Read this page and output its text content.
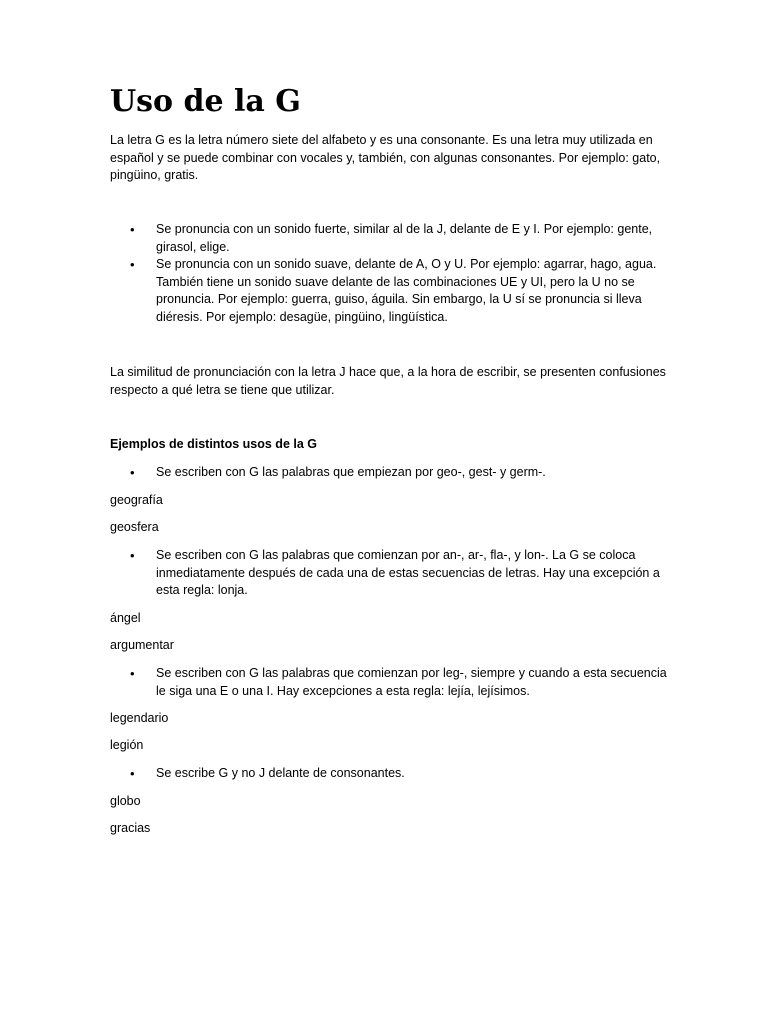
Uso de la G

La letra G es la letra número siete del alfabeto y es una consonante. Es una letra muy utilizada en español y se puede combinar con vocales y, también, con algunas consonantes. Por ejemplo: gato, pingüino, gratis.

• Se pronuncia con un sonido fuerte, similar al de la J, delante de E y I. Por ejemplo: gente, girasol, elige.
• Se pronuncia con un sonido suave, delante de A, O y U. Por ejemplo: agarrar, hago, agua. También tiene un sonido suave delante de las combinaciones UE y UI, pero la U no se pronuncia. Por ejemplo: guerra, guiso, águila. Sin embargo, la U sí se pronuncia si lleva diéresis. Por ejemplo: desagüe, pingüino, lingüística.

La similitud de pronunciación con la letra J hace que, a la hora de escribir, se presenten confusiones respecto a qué letra se tiene que utilizar.

Ejemplos de distintos usos de la G

• Se escriben con G las palabras que empiezan por geo-, gest- y germ-.

geografía

geosfera

• Se escriben con G las palabras que comienzan por an-, ar-, fla-, y lon-. La G se coloca inmediatamente después de cada una de estas secuencias de letras. Hay una excepción a esta regla: lonja.

ángel

argumentar

• Se escriben con G las palabras que comienzan por leg-, siempre y cuando a esta secuencia le siga una E o una I. Hay excepciones a esta regla: lejía, lejísimos.

legendario

legión

• Se escribe G y no J delante de consonantes.

globo

gracias
